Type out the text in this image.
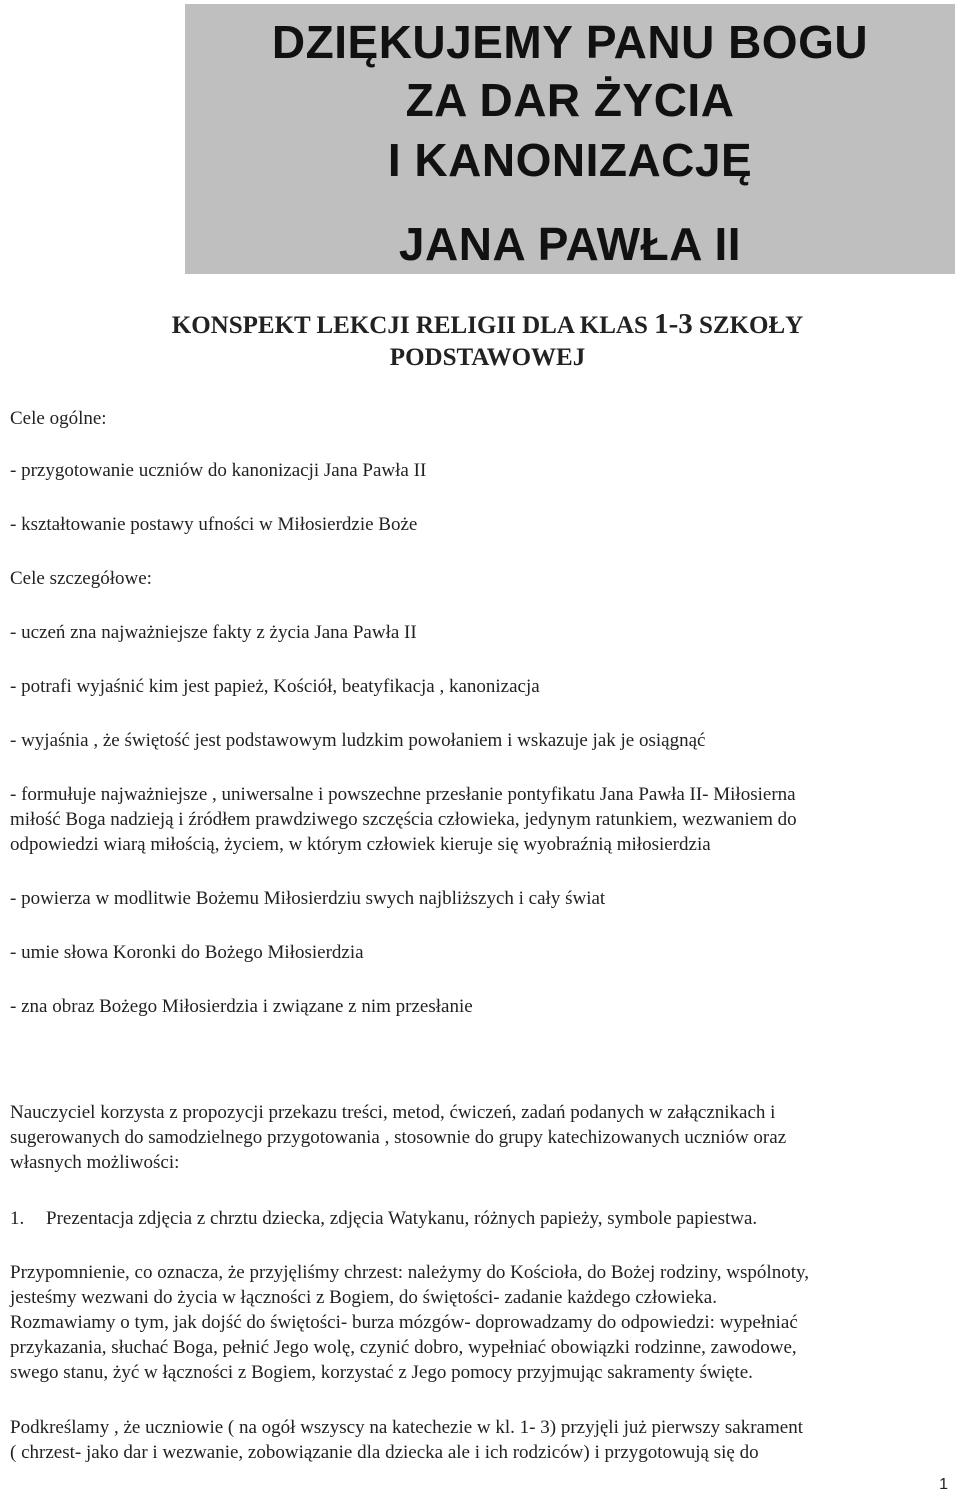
DZIĘKUJEMY PANU BOGU
ZA DAR ŻYCIA
I KANONIZACJĘ
JANA PAWŁA II
KONSPEKT LEKCJI RELIGII DLA KLAS 1-3 SZKOŁY
PODSTAWOWEJ
Cele ogólne:
- przygotowanie uczniów do kanonizacji Jana Pawła II
- kształtowanie postawy ufności w Miłosierdzie Boże
Cele szczegółowe:
- uczeń zna najważniejsze fakty z życia Jana Pawła II
- potrafi wyjaśnić kim jest papież, Kościół, beatyfikacja , kanonizacja
- wyjaśnia , że świętość jest podstawowym ludzkim powołaniem i wskazuje jak je osiągnąć
- formułuje najważniejsze , uniwersalne i powszechne przesłanie pontyfikatu Jana Pawła II- Miłosierna
miłość Boga nadzieją i źródłem prawdziwego szczęścia człowieka, jedynym ratunkiem, wezwaniem do
odpowiedzi wiarą miłością, życiem, w którym człowiek kieruje się wyobraźnią miłosierdzia
- powierza w modlitwie Bożemu Miłosierdziu swych najbliższych i cały świat
- umie słowa Koronki do Bożego Miłosierdzia
- zna obraz Bożego Miłosierdzia i związane z nim przesłanie
Nauczyciel korzysta z propozycji przekazu treści, metod, ćwiczeń, zadań podanych w załącznikach i
sugerowanych do samodzielnego przygotowania , stosownie do grupy katechizowanych uczniów oraz
własnych możliwości:
1. Prezentacja zdjęcia z chrztu dziecka, zdjęcia Watykanu, różnych papieży, symbole papiestwa.
Przypomnienie, co oznacza, że przyjęliśmy chrzest: należymy do Kościoła, do Bożej rodziny, wspólnoty,
jesteśmy wezwani do życia w łączności z Bogiem, do świętości- zadanie każdego człowieka.
Rozmawiamy o tym, jak dojść do świętości- burza mózgów- doprowadzamy do odpowiedzi: wypełniać
przykazania, słuchać Boga, pełnić Jego wolę, czynić dobro, wypełniać obowiązki rodzinne, zawodowe,
swego stanu, żyć w łączności z Bogiem, korzystać z Jego pomocy przyjmując sakramenty święte.
Podkreślamy , że uczniowie ( na ogół wszyscy na katechezie w kl. 1- 3) przyjęli już pierwszy sakrament
( chrzest- jako dar i wezwanie, zobowiązanie dla dziecka ale i ich rodziców) i przygotowują się do
1
